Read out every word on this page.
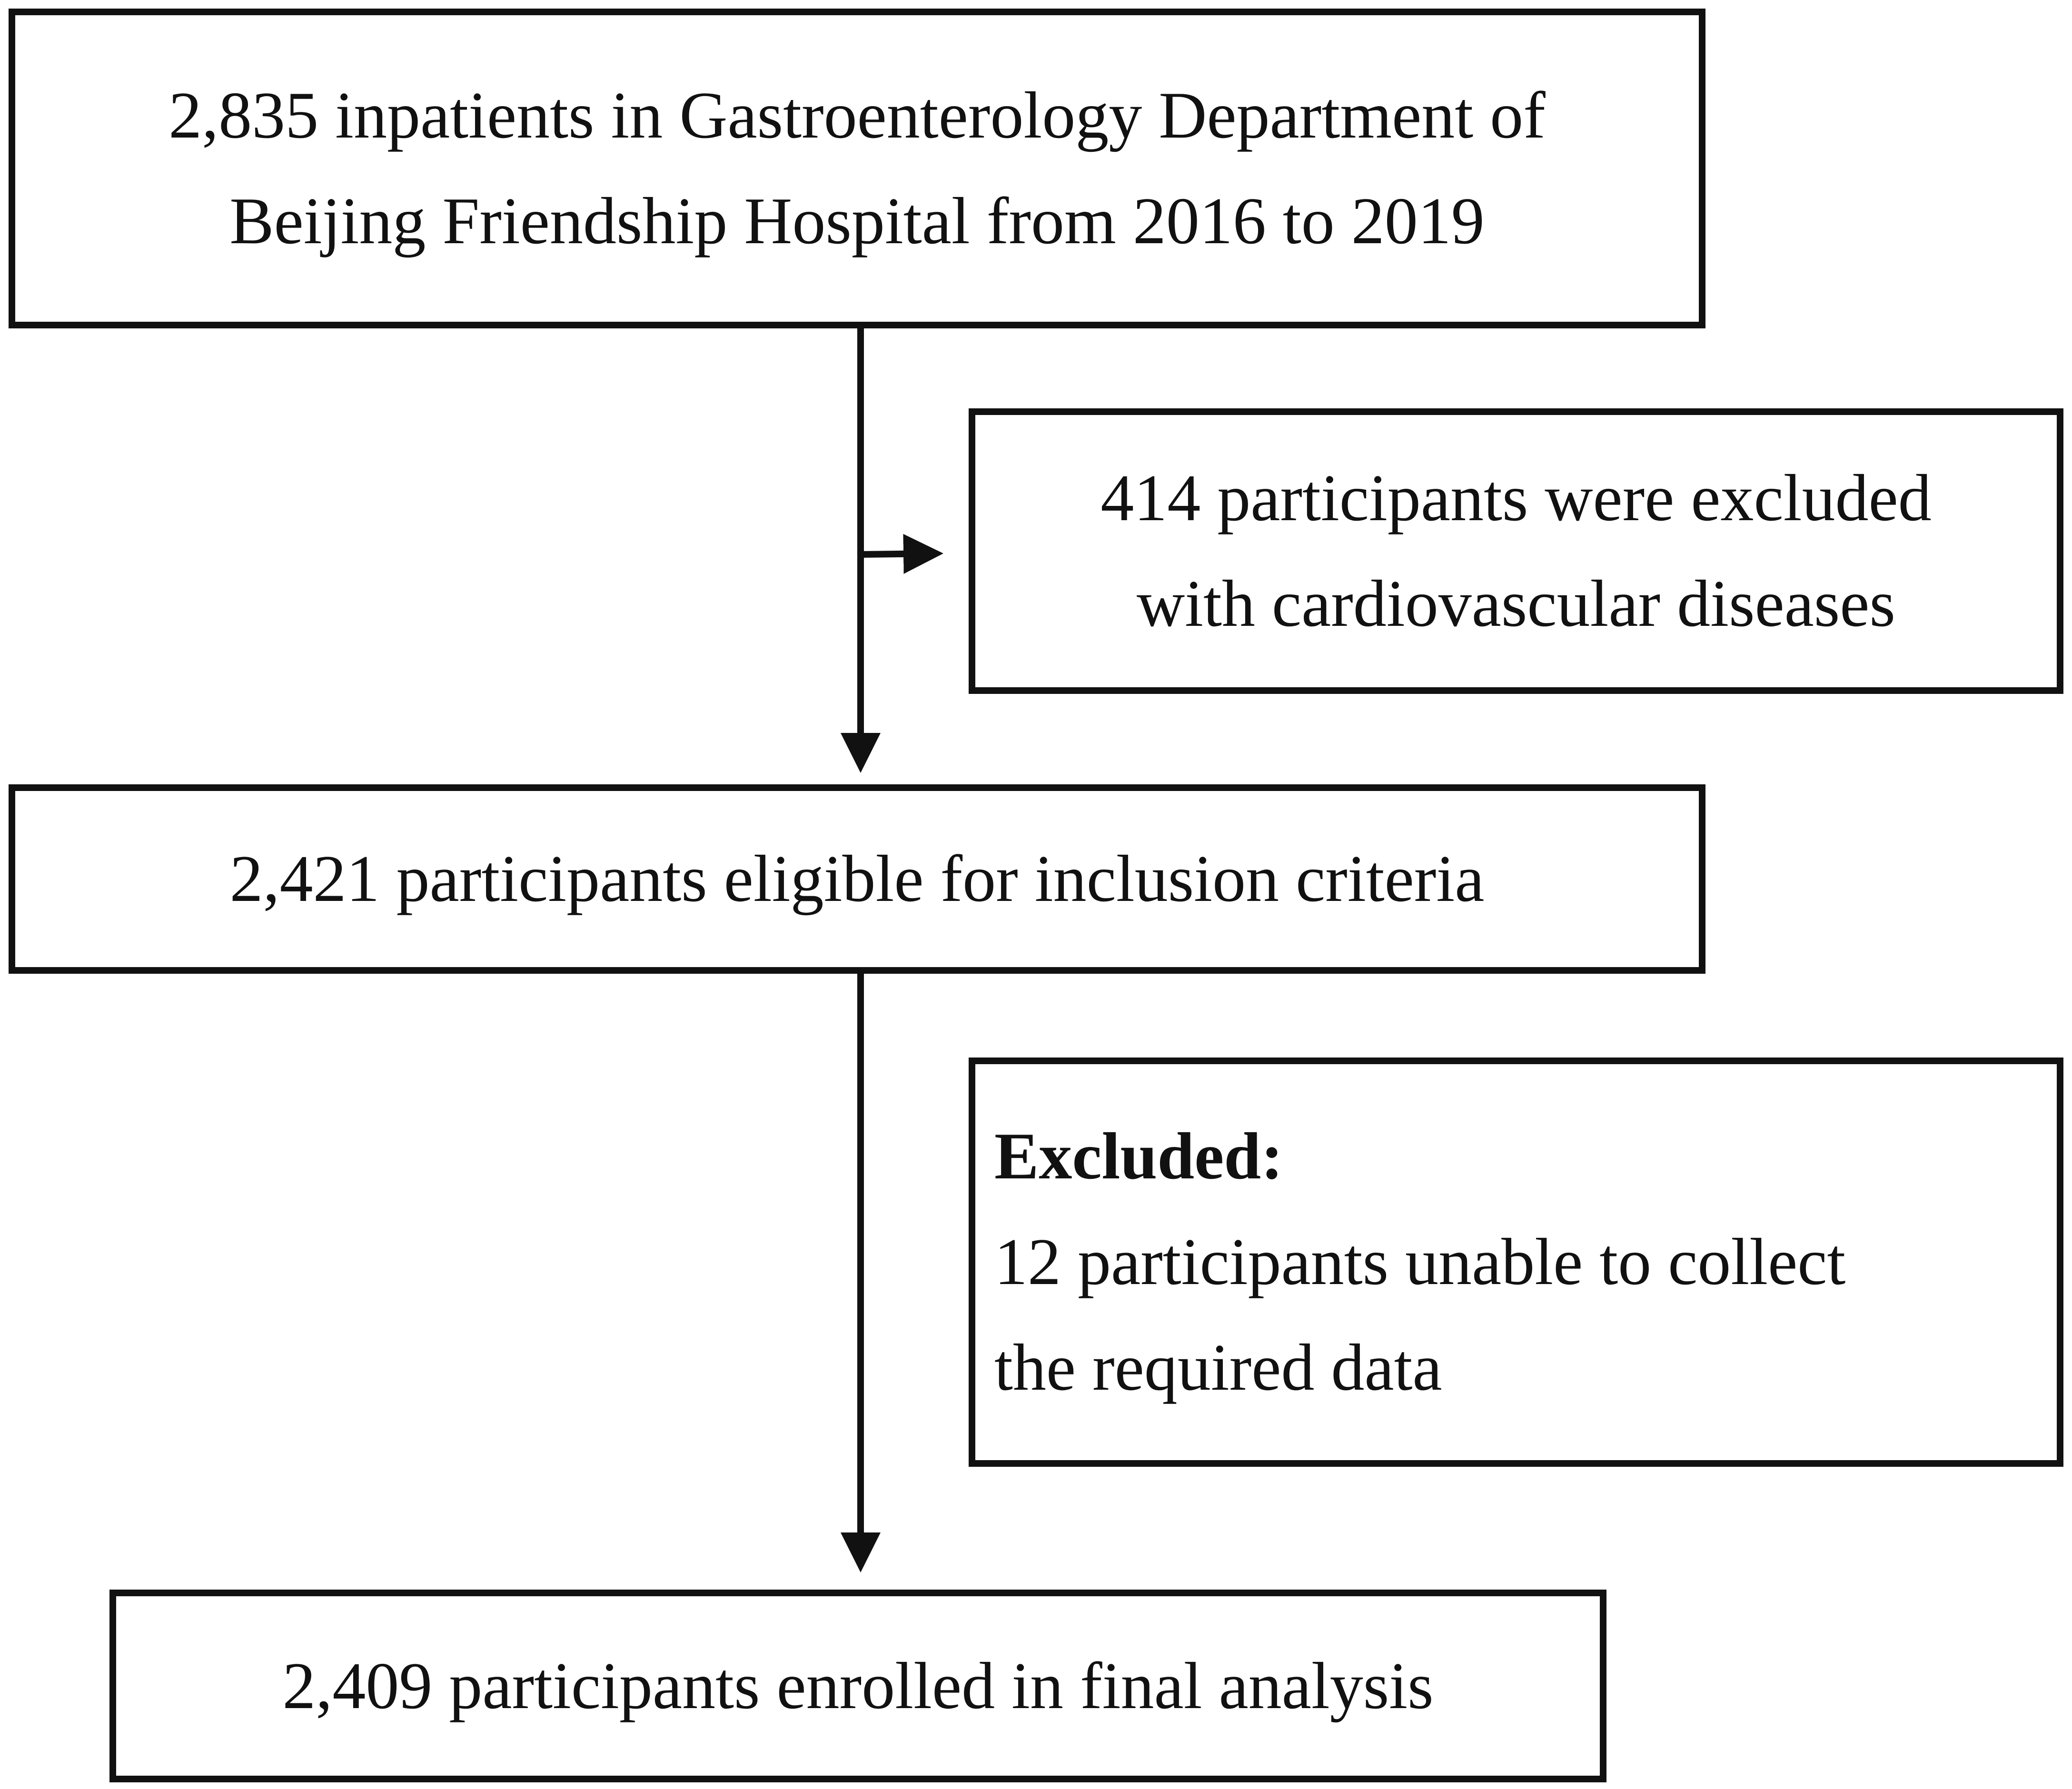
2,835 inpatients in Gastroenterology Department of
Beijing Friendship Hospital from 2016 to 2019
414 participants were excluded
with cardiovascular diseases
2,421 participants eligible for inclusion criteria
Excluded:
12 participants unable to collect
the required data
2,409 participants enrolled in final analysis
